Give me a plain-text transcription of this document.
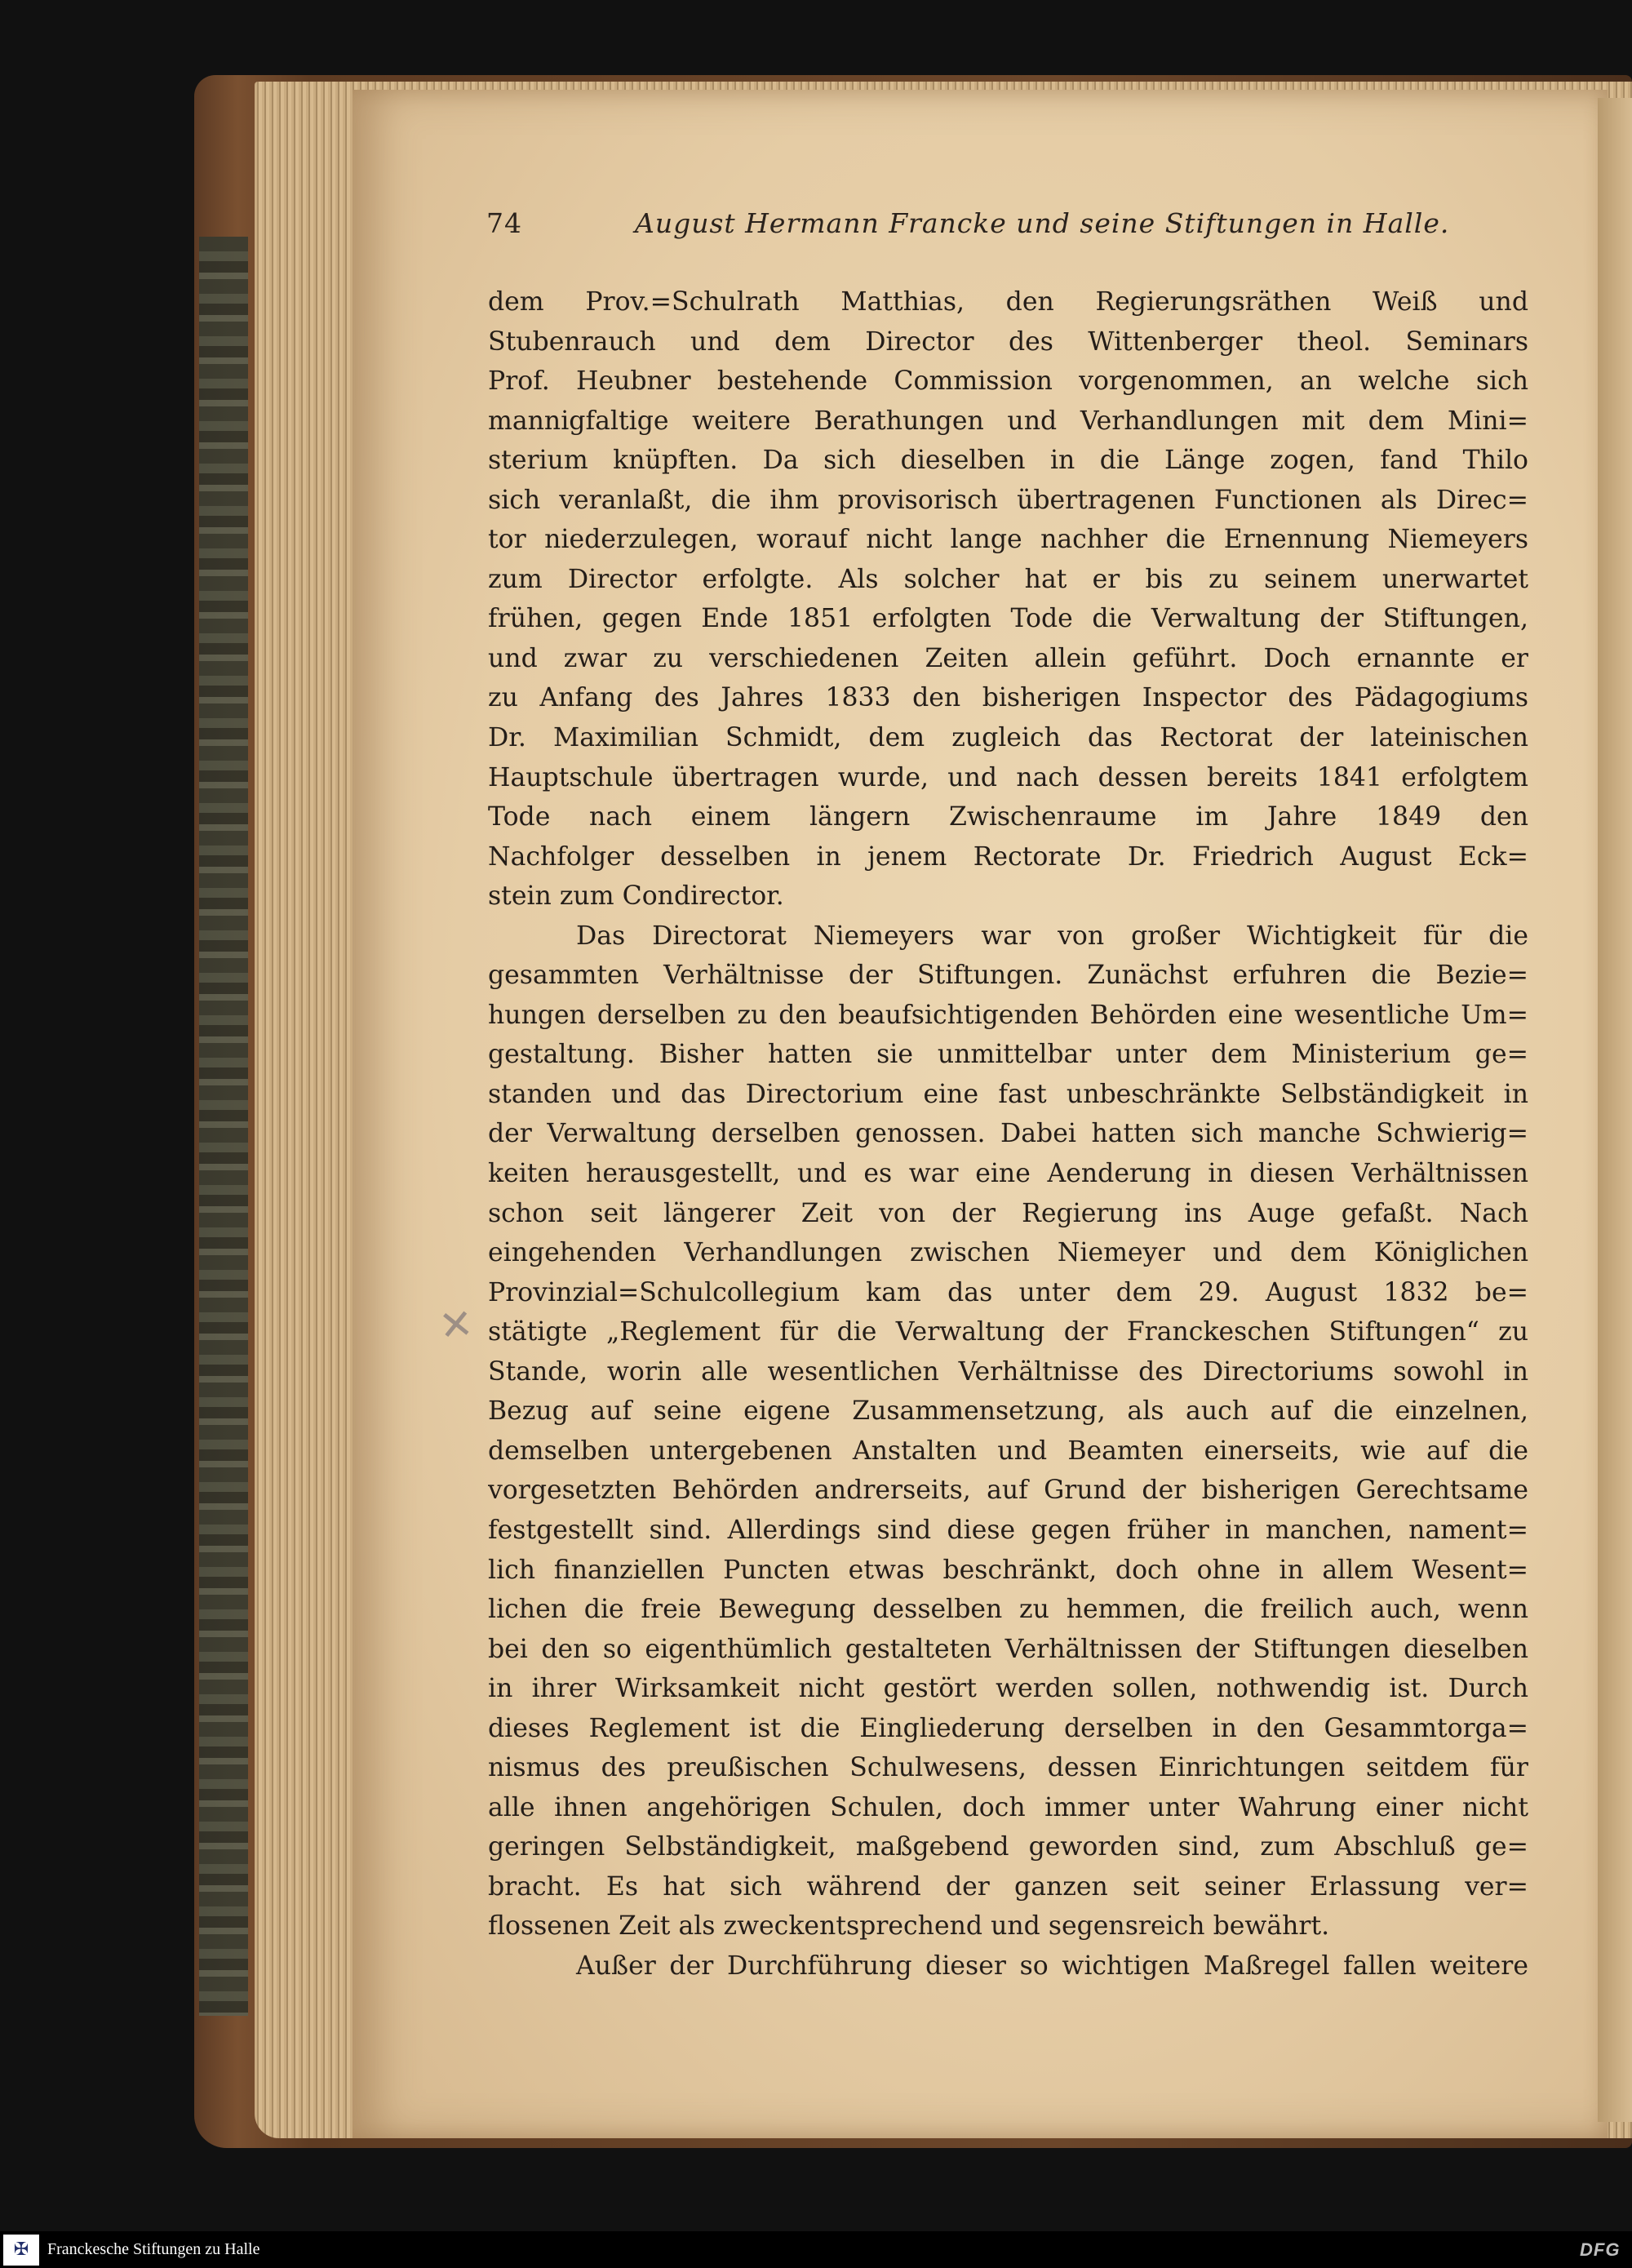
74	August Hermann Francke und seine Stiftungen in Halle.
✕
dem Prov.=Schulrath Matthias, den Regierungsräthen Weiß und
Stubenrauch und dem Director des Wittenberger theol. Seminars
Prof. Heubner bestehende Commission vorgenommen, an welche sich
mannigfaltige weitere Berathungen und Verhandlungen mit dem Mini=
sterium knüpften. Da sich dieselben in die Länge zogen, fand Thilo
sich veranlaßt, die ihm provisorisch übertragenen Functionen als Direc=
tor niederzulegen, worauf nicht lange nachher die Ernennung Niemeyers
zum Director erfolgte. Als solcher hat er bis zu seinem unerwartet
frühen, gegen Ende 1851 erfolgten Tode die Verwaltung der Stiftungen,
und zwar zu verschiedenen Zeiten allein geführt. Doch ernannte er
zu Anfang des Jahres 1833 den bisherigen Inspector des Pädagogiums
Dr. Maximilian Schmidt, dem zugleich das Rectorat der lateinischen
Hauptschule übertragen wurde, und nach dessen bereits 1841 erfolgtem
Tode nach einem längern Zwischenraume im Jahre 1849 den
Nachfolger desselben in jenem Rectorate Dr. Friedrich August Eck=
stein zum Condirector.
Das Directorat Niemeyers war von großer Wichtigkeit für die
gesammten Verhältnisse der Stiftungen. Zunächst erfuhren die Bezie=
hungen derselben zu den beaufsichtigenden Behörden eine wesentliche Um=
gestaltung. Bisher hatten sie unmittelbar unter dem Ministerium ge=
standen und das Directorium eine fast unbeschränkte Selbständigkeit in
der Verwaltung derselben genossen. Dabei hatten sich manche Schwierig=
keiten herausgestellt, und es war eine Aenderung in diesen Verhältnissen
schon seit längerer Zeit von der Regierung ins Auge gefaßt. Nach
eingehenden Verhandlungen zwischen Niemeyer und dem Königlichen
Provinzial=Schulcollegium kam das unter dem 29. August 1832 be=
stätigte „Reglement für die Verwaltung der Franckeschen Stiftungen“ zu
Stande, worin alle wesentlichen Verhältnisse des Directoriums sowohl in
Bezug auf seine eigene Zusammensetzung, als auch auf die einzelnen,
demselben untergebenen Anstalten und Beamten einerseits, wie auf die
vorgesetzten Behörden andrerseits, auf Grund der bisherigen Gerechtsame
festgestellt sind. Allerdings sind diese gegen früher in manchen, nament=
lich finanziellen Puncten etwas beschränkt, doch ohne in allem Wesent=
lichen die freie Bewegung desselben zu hemmen, die freilich auch, wenn
bei den so eigenthümlich gestalteten Verhältnissen der Stiftungen dieselben
in ihrer Wirksamkeit nicht gestört werden sollen, nothwendig ist. Durch
dieses Reglement ist die Eingliederung derselben in den Gesammtorga=
nismus des preußischen Schulwesens, dessen Einrichtungen seitdem für
alle ihnen angehörigen Schulen, doch immer unter Wahrung einer nicht
geringen Selbständigkeit, maßgebend geworden sind, zum Abschluß ge=
bracht. Es hat sich während der ganzen seit seiner Erlassung ver=
flossenen Zeit als zweckentsprechend und segensreich bewährt.
Außer der Durchführung dieser so wichtigen Maßregel fallen weitere
✠	Franckesche Stiftungen zu Halle	DFG
